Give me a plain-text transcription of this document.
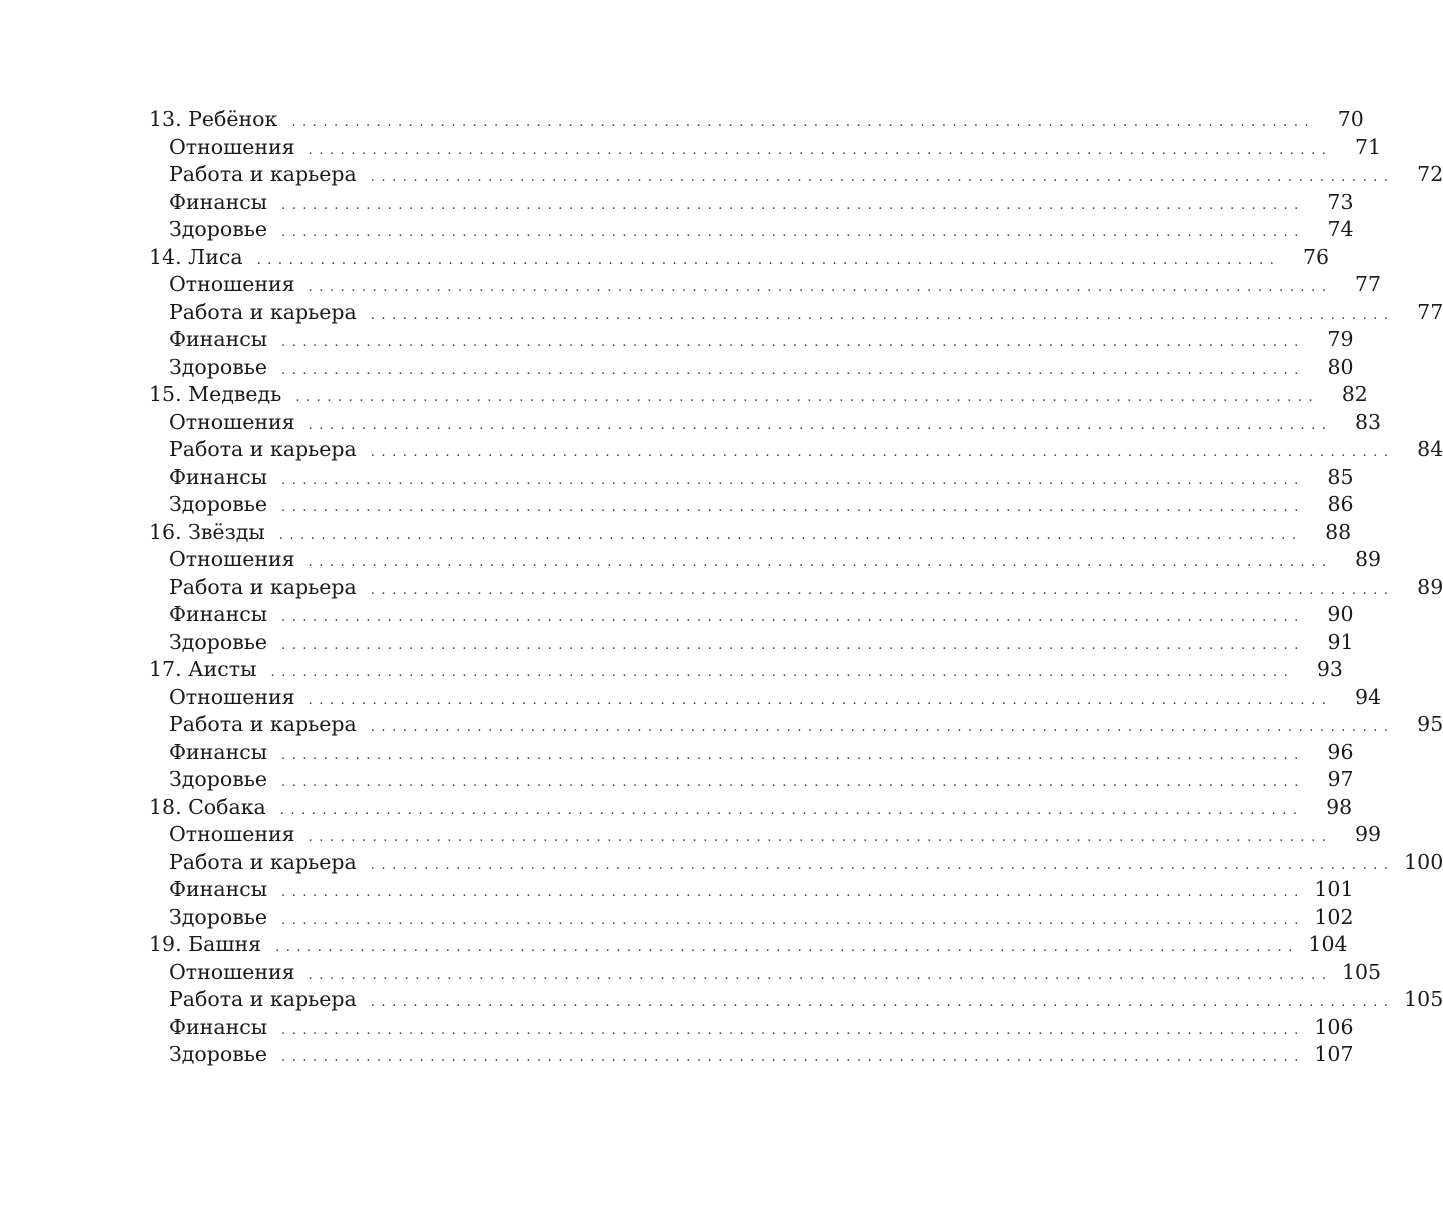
13. Ребёнок . . . . . . . . . . . . . . . . . . . . . . . . . . . . . . . . . . . . . . . . . . . . . . . . . . . . . . . . . . . . . . . . . . . . . . . . . . . . . . . . . . . . . . . . . . . . . . . .	70
Отношения . . . . . . . . . . . . . . . . . . . . . . . . . . . . . . . . . . . . . . . . . . . . . . . . . . . . . . . . . . . . . . . . . . . . . . . . . . . . . . . . . . . . . . . . . . . . . . . .	71
Работа и карьера . . . . . . . . . . . . . . . . . . . . . . . . . . . . . . . . . . . . . . . . . . . . . . . . . . . . . . . . . . . . . . . . . . . . . . . . . . . . . . . . . . . . . . . . . . . . . . . .	72
Финансы . . . . . . . . . . . . . . . . . . . . . . . . . . . . . . . . . . . . . . . . . . . . . . . . . . . . . . . . . . . . . . . . . . . . . . . . . . . . . . . . . . . . . . . . . . . . . . . .	73
Здоровье . . . . . . . . . . . . . . . . . . . . . . . . . . . . . . . . . . . . . . . . . . . . . . . . . . . . . . . . . . . . . . . . . . . . . . . . . . . . . . . . . . . . . . . . . . . . . . . .	74
14. Лиса . . . . . . . . . . . . . . . . . . . . . . . . . . . . . . . . . . . . . . . . . . . . . . . . . . . . . . . . . . . . . . . . . . . . . . . . . . . . . . . . . . . . . . . . . . . . . . . .	76
Отношения . . . . . . . . . . . . . . . . . . . . . . . . . . . . . . . . . . . . . . . . . . . . . . . . . . . . . . . . . . . . . . . . . . . . . . . . . . . . . . . . . . . . . . . . . . . . . . . .	77
Работа и карьера . . . . . . . . . . . . . . . . . . . . . . . . . . . . . . . . . . . . . . . . . . . . . . . . . . . . . . . . . . . . . . . . . . . . . . . . . . . . . . . . . . . . . . . . . . . . . . . .	77
Финансы . . . . . . . . . . . . . . . . . . . . . . . . . . . . . . . . . . . . . . . . . . . . . . . . . . . . . . . . . . . . . . . . . . . . . . . . . . . . . . . . . . . . . . . . . . . . . . . .	79
Здоровье . . . . . . . . . . . . . . . . . . . . . . . . . . . . . . . . . . . . . . . . . . . . . . . . . . . . . . . . . . . . . . . . . . . . . . . . . . . . . . . . . . . . . . . . . . . . . . . .	80
15. Медведь . . . . . . . . . . . . . . . . . . . . . . . . . . . . . . . . . . . . . . . . . . . . . . . . . . . . . . . . . . . . . . . . . . . . . . . . . . . . . . . . . . . . . . . . . . . . . . . .	82
Отношения . . . . . . . . . . . . . . . . . . . . . . . . . . . . . . . . . . . . . . . . . . . . . . . . . . . . . . . . . . . . . . . . . . . . . . . . . . . . . . . . . . . . . . . . . . . . . . . .	83
Работа и карьера . . . . . . . . . . . . . . . . . . . . . . . . . . . . . . . . . . . . . . . . . . . . . . . . . . . . . . . . . . . . . . . . . . . . . . . . . . . . . . . . . . . . . . . . . . . . . . . .	84
Финансы . . . . . . . . . . . . . . . . . . . . . . . . . . . . . . . . . . . . . . . . . . . . . . . . . . . . . . . . . . . . . . . . . . . . . . . . . . . . . . . . . . . . . . . . . . . . . . . .	85
Здоровье . . . . . . . . . . . . . . . . . . . . . . . . . . . . . . . . . . . . . . . . . . . . . . . . . . . . . . . . . . . . . . . . . . . . . . . . . . . . . . . . . . . . . . . . . . . . . . . .	86
16. Звёзды . . . . . . . . . . . . . . . . . . . . . . . . . . . . . . . . . . . . . . . . . . . . . . . . . . . . . . . . . . . . . . . . . . . . . . . . . . . . . . . . . . . . . . . . . . . . . . . .	88
Отношения . . . . . . . . . . . . . . . . . . . . . . . . . . . . . . . . . . . . . . . . . . . . . . . . . . . . . . . . . . . . . . . . . . . . . . . . . . . . . . . . . . . . . . . . . . . . . . . .	89
Работа и карьера . . . . . . . . . . . . . . . . . . . . . . . . . . . . . . . . . . . . . . . . . . . . . . . . . . . . . . . . . . . . . . . . . . . . . . . . . . . . . . . . . . . . . . . . . . . . . . . .	89
Финансы . . . . . . . . . . . . . . . . . . . . . . . . . . . . . . . . . . . . . . . . . . . . . . . . . . . . . . . . . . . . . . . . . . . . . . . . . . . . . . . . . . . . . . . . . . . . . . . .	90
Здоровье . . . . . . . . . . . . . . . . . . . . . . . . . . . . . . . . . . . . . . . . . . . . . . . . . . . . . . . . . . . . . . . . . . . . . . . . . . . . . . . . . . . . . . . . . . . . . . . .	91
17. Аисты . . . . . . . . . . . . . . . . . . . . . . . . . . . . . . . . . . . . . . . . . . . . . . . . . . . . . . . . . . . . . . . . . . . . . . . . . . . . . . . . . . . . . . . . . . . . . . . .	93
Отношения . . . . . . . . . . . . . . . . . . . . . . . . . . . . . . . . . . . . . . . . . . . . . . . . . . . . . . . . . . . . . . . . . . . . . . . . . . . . . . . . . . . . . . . . . . . . . . . .	94
Работа и карьера . . . . . . . . . . . . . . . . . . . . . . . . . . . . . . . . . . . . . . . . . . . . . . . . . . . . . . . . . . . . . . . . . . . . . . . . . . . . . . . . . . . . . . . . . . . . . . . .	95
Финансы . . . . . . . . . . . . . . . . . . . . . . . . . . . . . . . . . . . . . . . . . . . . . . . . . . . . . . . . . . . . . . . . . . . . . . . . . . . . . . . . . . . . . . . . . . . . . . . .	96
Здоровье . . . . . . . . . . . . . . . . . . . . . . . . . . . . . . . . . . . . . . . . . . . . . . . . . . . . . . . . . . . . . . . . . . . . . . . . . . . . . . . . . . . . . . . . . . . . . . . .	97
18. Собака . . . . . . . . . . . . . . . . . . . . . . . . . . . . . . . . . . . . . . . . . . . . . . . . . . . . . . . . . . . . . . . . . . . . . . . . . . . . . . . . . . . . . . . . . . . . . . . .	98
Отношения . . . . . . . . . . . . . . . . . . . . . . . . . . . . . . . . . . . . . . . . . . . . . . . . . . . . . . . . . . . . . . . . . . . . . . . . . . . . . . . . . . . . . . . . . . . . . . . .	99
Работа и карьера . . . . . . . . . . . . . . . . . . . . . . . . . . . . . . . . . . . . . . . . . . . . . . . . . . . . . . . . . . . . . . . . . . . . . . . . . . . . . . . . . . . . . . . . . . . . . . . . 100
Финансы . . . . . . . . . . . . . . . . . . . . . . . . . . . . . . . . . . . . . . . . . . . . . . . . . . . . . . . . . . . . . . . . . . . . . . . . . . . . . . . . . . . . . . . . . . . . . . . . 101
Здоровье . . . . . . . . . . . . . . . . . . . . . . . . . . . . . . . . . . . . . . . . . . . . . . . . . . . . . . . . . . . . . . . . . . . . . . . . . . . . . . . . . . . . . . . . . . . . . . . . 102
19. Башня . . . . . . . . . . . . . . . . . . . . . . . . . . . . . . . . . . . . . . . . . . . . . . . . . . . . . . . . . . . . . . . . . . . . . . . . . . . . . . . . . . . . . . . . . . . . . . . . 104
Отношения . . . . . . . . . . . . . . . . . . . . . . . . . . . . . . . . . . . . . . . . . . . . . . . . . . . . . . . . . . . . . . . . . . . . . . . . . . . . . . . . . . . . . . . . . . . . . . . . 105
Работа и карьера . . . . . . . . . . . . . . . . . . . . . . . . . . . . . . . . . . . . . . . . . . . . . . . . . . . . . . . . . . . . . . . . . . . . . . . . . . . . . . . . . . . . . . . . . . . . . . . . 105
Финансы . . . . . . . . . . . . . . . . . . . . . . . . . . . . . . . . . . . . . . . . . . . . . . . . . . . . . . . . . . . . . . . . . . . . . . . . . . . . . . . . . . . . . . . . . . . . . . . . 106
Здоровье . . . . . . . . . . . . . . . . . . . . . . . . . . . . . . . . . . . . . . . . . . . . . . . . . . . . . . . . . . . . . . . . . . . . . . . . . . . . . . . . . . . . . . . . . . . . . . . . 107
